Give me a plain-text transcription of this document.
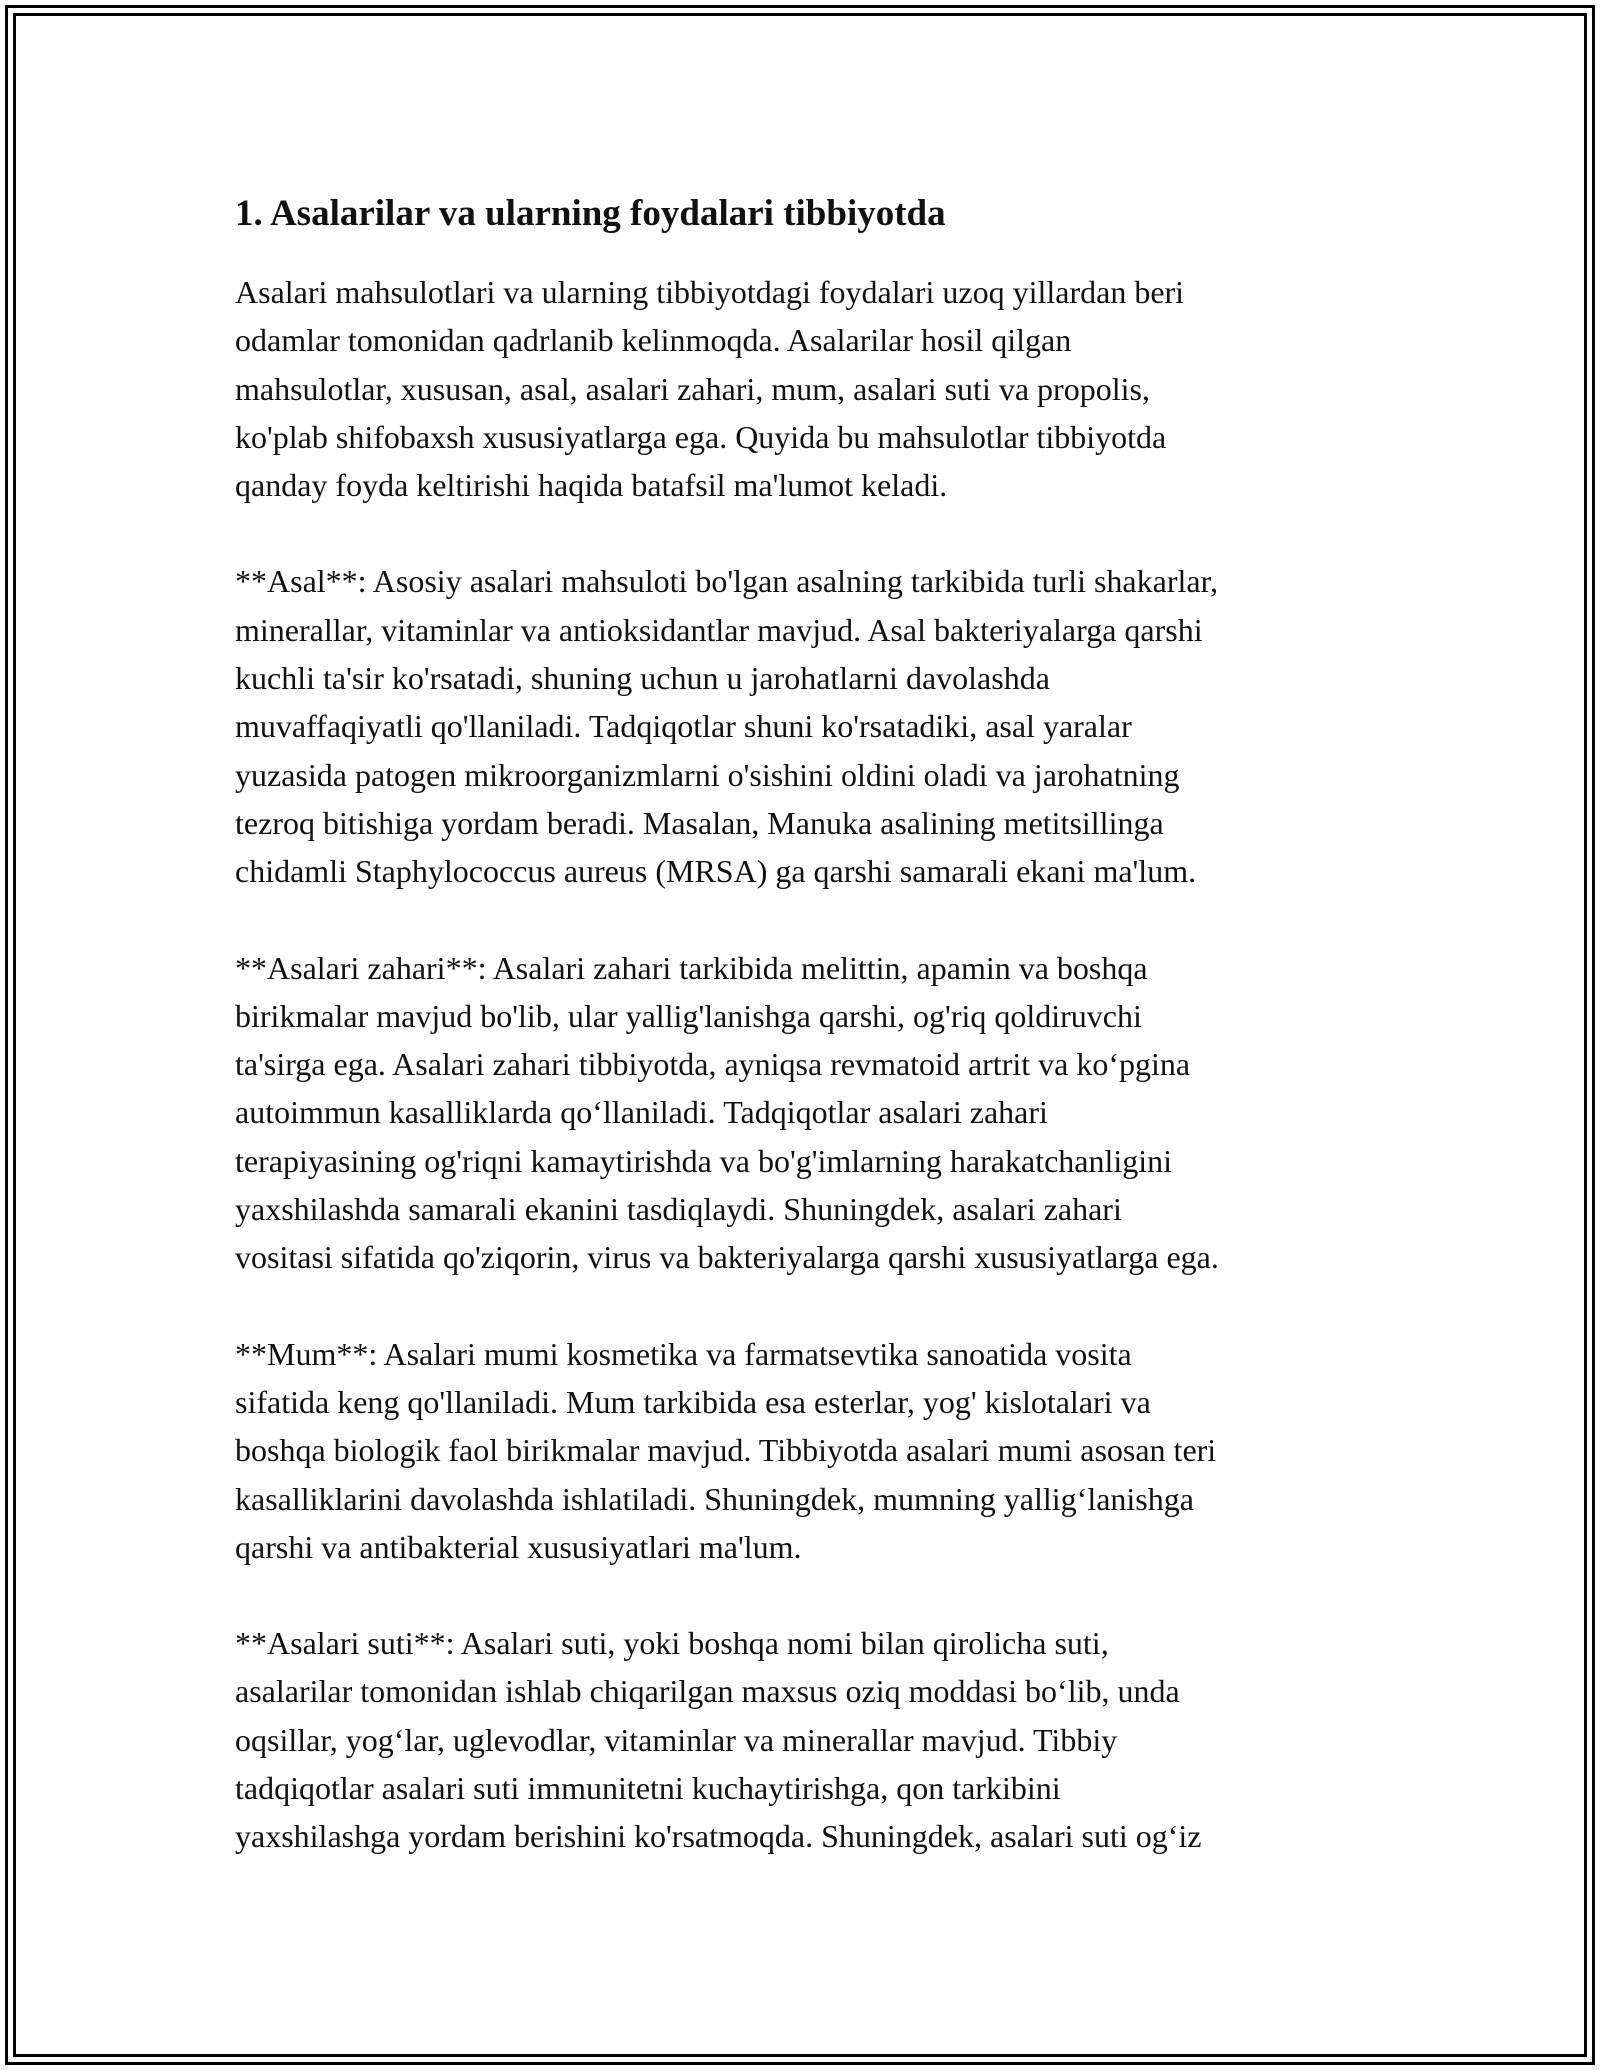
1. Asalarilar va ularning foydalari tibbiyotda

Asalari mahsulotlari va ularning tibbiyotdagi foydalari uzoq yillardan beri
odamlar tomonidan qadrlanib kelinmoqda. Asalarilar hosil qilgan
mahsulotlar, xususan, asal, asalari zahari, mum, asalari suti va propolis,
ko'plab shifobaxsh xususiyatlarga ega. Quyida bu mahsulotlar tibbiyotda
qanday foyda keltirishi haqida batafsil ma'lumot keladi.

**Asal**: Asosiy asalari mahsuloti bo'lgan asalning tarkibida turli shakarlar,
minerallar, vitaminlar va antioksidantlar mavjud. Asal bakteriyalarga qarshi
kuchli ta'sir ko'rsatadi, shuning uchun u jarohatlarni davolashda
muvaffaqiyatli qo'llaniladi. Tadqiqotlar shuni ko'rsatadiki, asal yaralar
yuzasida patogen mikroorganizmlarni o'sishini oldini oladi va jarohatning
tezroq bitishiga yordam beradi. Masalan, Manuka asalining metitsillinga
chidamli Staphylococcus aureus (MRSA) ga qarshi samarali ekani ma'lum.

**Asalari zahari**: Asalari zahari tarkibida melittin, apamin va boshqa
birikmalar mavjud bo'lib, ular yallig'lanishga qarshi, og'riq qoldiruvchi
ta'sirga ega. Asalari zahari tibbiyotda, ayniqsa revmatoid artrit va ko‘pgina
autoimmun kasalliklarda qo‘llaniladi. Tadqiqotlar asalari zahari
terapiyasining og'riqni kamaytirishda va bo'g'imlarning harakatchanligini
yaxshilashda samarali ekanini tasdiqlaydi. Shuningdek, asalari zahari
vositasi sifatida qo'ziqorin, virus va bakteriyalarga qarshi xususiyatlarga ega.

**Mum**: Asalari mumi kosmetika va farmatsevtika sanoatida vosita
sifatida keng qo'llaniladi. Mum tarkibida esa esterlar, yog' kislotalari va
boshqa biologik faol birikmalar mavjud. Tibbiyotda asalari mumi asosan teri
kasalliklarini davolashda ishlatiladi. Shuningdek, mumning yallig‘lanishga
qarshi va antibakterial xususiyatlari ma'lum.

**Asalari suti**: Asalari suti, yoki boshqa nomi bilan qirolicha suti,
asalarilar tomonidan ishlab chiqarilgan maxsus oziq moddasi bo‘lib, unda
oqsillar, yog‘lar, uglevodlar, vitaminlar va minerallar mavjud. Tibbiy
tadqiqotlar asalari suti immunitetni kuchaytirishga, qon tarkibini
yaxshilashga yordam berishini ko'rsatmoqda. Shuningdek, asalari suti og‘iz
